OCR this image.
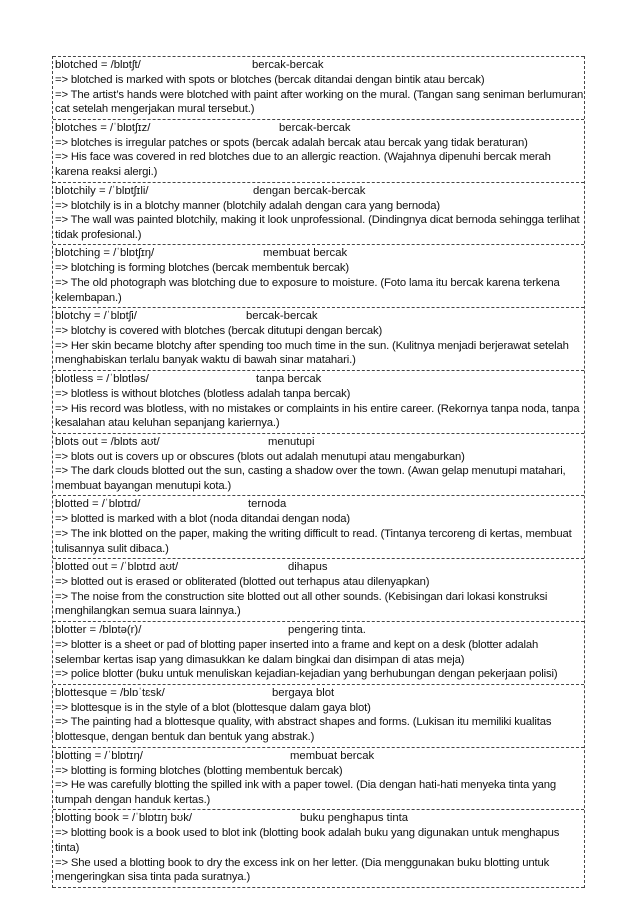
blotched = /blɒtʃt/	bercak-bercak
=> blotched is marked with spots or blotches (bercak ditandai dengan bintik atau bercak)
=> The artist’s hands were blotched with paint after working on the mural. (Tangan sang seniman berlumuran cat setelah mengerjakan mural tersebut.)
blotches = /ˈblɒtʃɪz/	bercak-bercak
=> blotches is irregular patches or spots (bercak adalah bercak atau bercak yang tidak beraturan)
=> His face was covered in red blotches due to an allergic reaction. (Wajahnya dipenuhi bercak merah karena reaksi alergi.)
blotchily = /ˈblɒtʃɪli/	dengan bercak-bercak
=> blotchily is in a blotchy manner (blotchily adalah dengan cara yang bernoda)
=> The wall was painted blotchily, making it look unprofessional. (Dindingnya dicat bernoda sehingga terlihat tidak profesional.)
blotching = /ˈblɒtʃɪŋ/	membuat bercak
=> blotching is forming blotches (bercak membentuk bercak)
=> The old photograph was blotching due to exposure to moisture. (Foto lama itu bercak karena terkena kelembapan.)
blotchy = /ˈblɒtʃi/	bercak-bercak
=> blotchy is covered with blotches (bercak ditutupi dengan bercak)
=> Her skin became blotchy after spending too much time in the sun. (Kulitnya menjadi berjerawat setelah menghabiskan terlalu banyak waktu di bawah sinar matahari.)
blotless = /ˈblɒtləs/	tanpa bercak
=> blotless is without blotches (blotless adalah tanpa bercak)
=> His record was blotless, with no mistakes or complaints in his entire career. (Rekornya tanpa noda, tanpa kesalahan atau keluhan sepanjang kariernya.)
blots out = /blɒts aʊt/	menutupi
=> blots out is covers up or obscures (blots out adalah menutupi atau mengaburkan)
=> The dark clouds blotted out the sun, casting a shadow over the town. (Awan gelap menutupi matahari, membuat bayangan menutupi kota.)
blotted = /ˈblɒtɪd/	ternoda
=> blotted is marked with a blot (noda ditandai dengan noda)
=> The ink blotted on the paper, making the writing difficult to read. (Tintanya tercoreng di kertas, membuat tulisannya sulit dibaca.)
blotted out = /ˈblɒtɪd aʊt/	dihapus
=> blotted out is erased or obliterated (blotted out terhapus atau dilenyapkan)
=> The noise from the construction site blotted out all other sounds. (Kebisingan dari lokasi konstruksi menghilangkan semua suara lainnya.)
blotter = /blɒtə(r)/	pengering tinta.
=> blotter is a sheet or pad of blotting paper inserted into a frame and kept on a desk (blotter adalah selembar kertas isap yang dimasukkan ke dalam bingkai dan disimpan di atas meja)
=> police blotter (buku untuk menuliskan kejadian-kejadian yang berhubungan dengan pekerjaan polisi)
blottesque = /blɒˈtɛsk/	bergaya blot
=> blottesque is in the style of a blot (blottesque dalam gaya blot)
=> The painting had a blottesque quality, with abstract shapes and forms. (Lukisan itu memiliki kualitas blottesque, dengan bentuk dan bentuk yang abstrak.)
blotting = /ˈblɒtɪŋ/	membuat bercak
=> blotting is forming blotches (blotting membentuk bercak)
=> He was carefully blotting the spilled ink with a paper towel. (Dia dengan hati-hati menyeka tinta yang tumpah dengan handuk kertas.)
blotting book = /ˈblɒtɪŋ bʊk/	buku penghapus tinta
=> blotting book is a book used to blot ink (blotting book adalah buku yang digunakan untuk menghapus tinta)
=> She used a blotting book to dry the excess ink on her letter. (Dia menggunakan buku blotting untuk mengeringkan sisa tinta pada suratnya.)
